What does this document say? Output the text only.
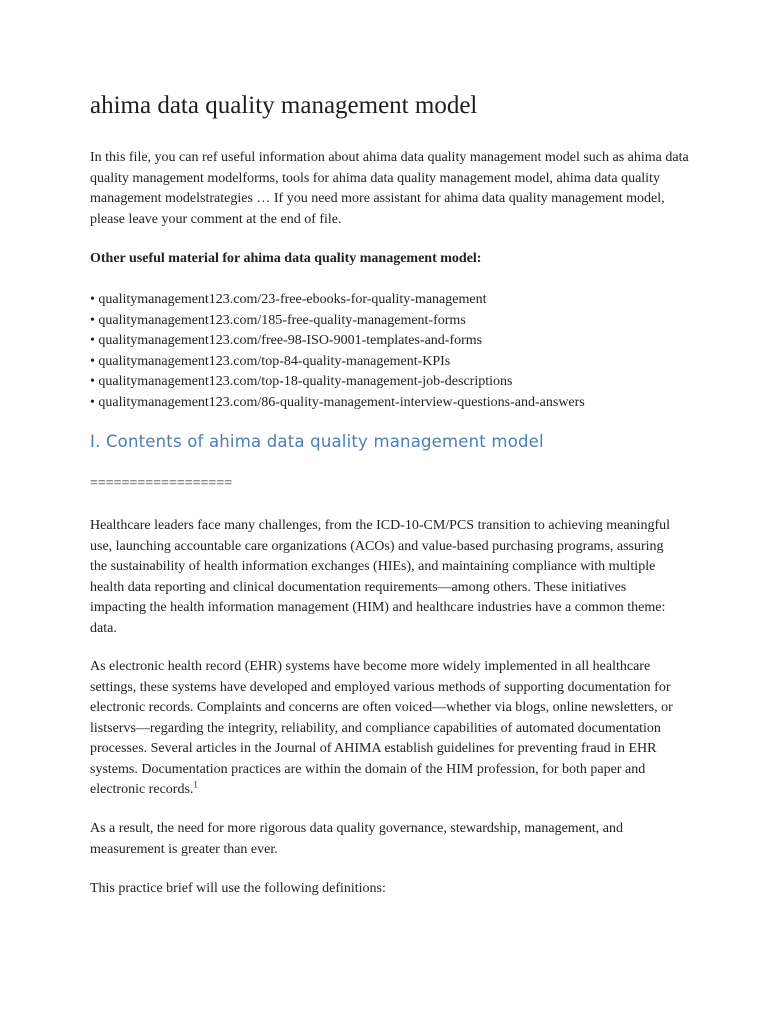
ahima data quality management model

In this file, you can ref useful information about ahima data quality management model such as ahima data quality management modelforms, tools for ahima data quality management model, ahima data quality management modelstrategies … If you need more assistant for ahima data quality management model, please leave your comment at the end of file.

Other useful material for ahima data quality management model:

• qualitymanagement123.com/23-free-ebooks-for-quality-management
• qualitymanagement123.com/185-free-quality-management-forms
• qualitymanagement123.com/free-98-ISO-9001-templates-and-forms
• qualitymanagement123.com/top-84-quality-management-KPIs
• qualitymanagement123.com/top-18-quality-management-job-descriptions
• qualitymanagement123.com/86-quality-management-interview-questions-and-answers
I. Contents of ahima data quality management model

==================

Healthcare leaders face many challenges, from the ICD-10-CM/PCS transition to achieving meaningful use, launching accountable care organizations (ACOs) and value-based purchasing programs, assuring the sustainability of health information exchanges (HIEs), and maintaining compliance with multiple health data reporting and clinical documentation requirements—among others. These initiatives impacting the health information management (HIM) and healthcare industries have a common theme: data.

As electronic health record (EHR) systems have become more widely implemented in all healthcare settings, these systems have developed and employed various methods of supporting documentation for electronic records. Complaints and concerns are often voiced—whether via blogs, online newsletters, or listservs—regarding the integrity, reliability, and compliance capabilities of automated documentation processes. Several articles in the Journal of AHIMA establish guidelines for preventing fraud in EHR systems. Documentation practices are within the domain of the HIM profession, for both paper and electronic records.$^1$

As a result, the need for more rigorous data quality governance, stewardship, management, and measurement is greater than ever.

This practice brief will use the following definitions:
